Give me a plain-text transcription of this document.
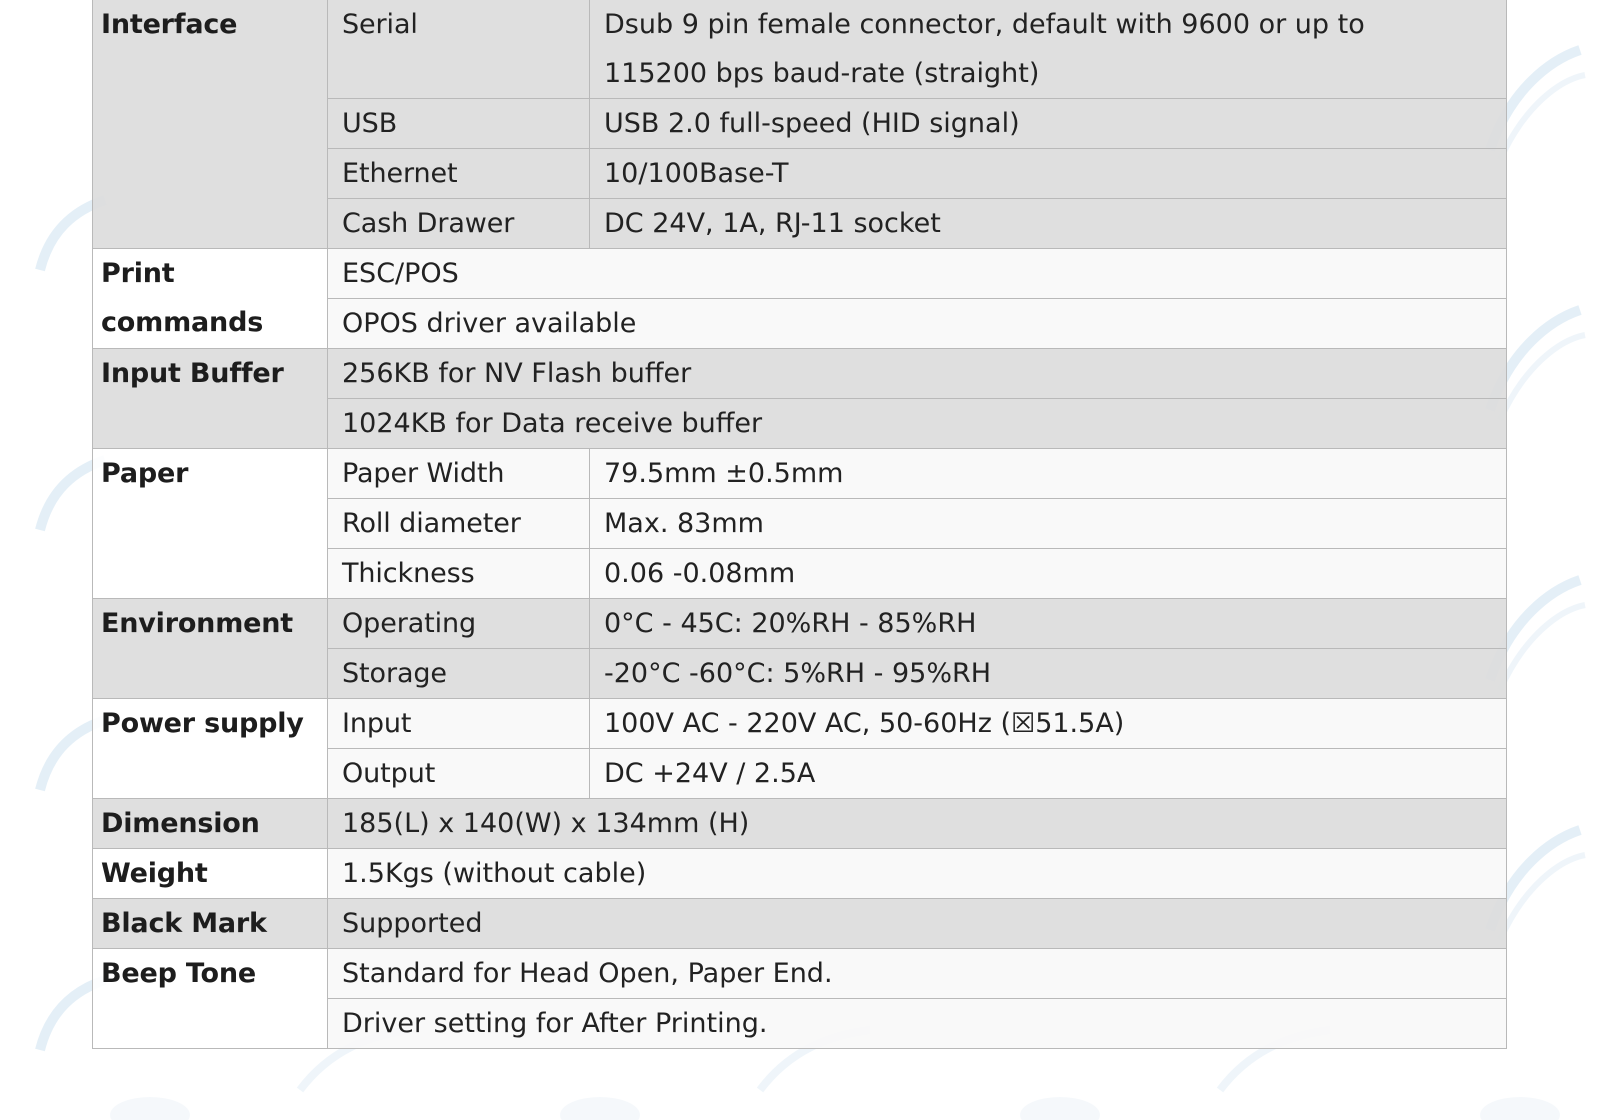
Interface	Serial	Dsub 9 pin female connector, default with 9600 or up to 115200 bps baud-rate (straight)
	USB	USB 2.0 full-speed (HID signal)
	Ethernet	10/100Base-T
	Cash Drawer	DC 24V, 1A, RJ-11 socket
Print commands	ESC/POS	
	OPOS driver available	
Input Buffer	256KB for NV Flash buffer	
	1024KB for Data receive buffer	
Paper	Paper Width	79.5mm ±0.5mm
	Roll diameter	Max. 83mm
	Thickness	0.06 -0.08mm
Environment	Operating	0°C - 45C: 20%RH - 85%RH
	Storage	-20°C -60°C: 5%RH - 95%RH
Power supply	Input	100V AC - 220V AC, 50-60Hz (☒51.5A)
	Output	DC +24V / 2.5A
Dimension	185(L) x 140(W) x 134mm (H)	
Weight	1.5Kgs (without cable)	
Black Mark	Supported	
Beep Tone	Standard for Head Open, Paper End.	
	Driver setting for After Printing.	
